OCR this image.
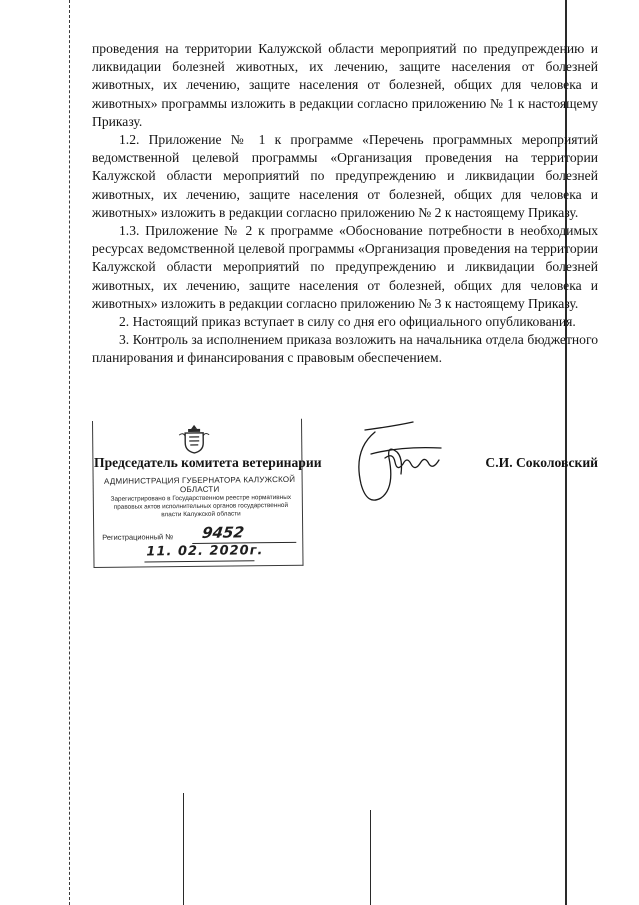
проведения на территории Калужской области мероприятий по предупреждению и ликвидации болезней животных, их лечению, защите населения от болезней животных, их лечению, защите населения от болезней, общих для человека и животных» программы изложить в редакции согласно приложению № 1 к настоящему Приказу.

1.2. Приложение № 1 к программе «Перечень программных мероприятий ведомственной целевой программы «Организация проведения на территории Калужской области мероприятий по предупреждению и ликвидации болезней животных, их лечению, защите населения от болезней, общих для человека и животных» изложить в редакции согласно приложению № 2 к настоящему Приказу.

1.3. Приложение № 2 к программе «Обоснование потребности в необходимых ресурсах ведомственной целевой программы «Организация проведения на территории Калужской области мероприятий по предупреждению и ликвидации болезней животных, их лечению, защите населения от болезней, общих для человека и животных» изложить в редакции согласно приложению № 3 к настоящему Приказу.

2. Настоящий приказ вступает в силу со дня его официального опубликования.

3. Контроль за исполнением приказа возложить на начальника отдела бюджетного планирования и финансирования с правовым обеспечением.

АДМИНИСТРАЦИЯ ГУБЕРНАТОРА КАЛУЖСКОЙ ОБЛАСТИ
Зарегистрировано в Государственном реестре нормативных правовых актов исполнительных органов государственной власти Калужской области
Регистрационный № 9452
11. 02. 2020г.
Председатель комитета ветеринарии	С.И. Соколовский
